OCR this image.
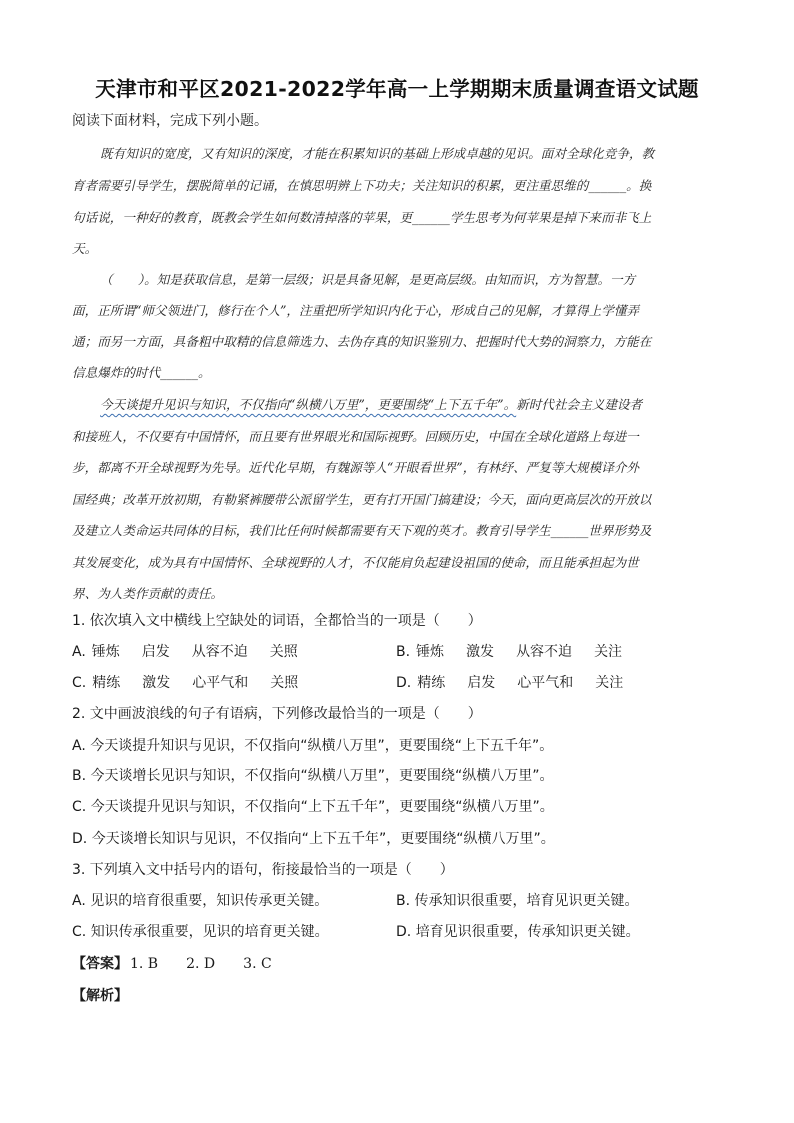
天津市和平区2021-2022学年高一上学期期末质量调查语文试题
阅读下面材料，完成下列小题。
既有知识的宽度，又有知识的深度，才能在积累知识的基础上形成卓越的见识。面对全球化竞争，教
育者需要引导学生，摆脱简单的记诵，在慎思明辨上下功夫；关注知识的积累，更注重思维的______。换
句话说，一种好的教育，既教会学生如何数清掉落的苹果，更______学生思考为何苹果是掉下来而非飞上
天。
（　　）。知是获取信息，是第一层级；识是具备见解，是更高层级。由知而识，方为智慧。一方
面，正所谓“师父领进门，修行在个人”，注重把所学知识内化于心，形成自己的见解，才算得上学懂弄
通；而另一方面，具备粗中取精的信息筛选力、去伪存真的知识鉴别力、把握时代大势的洞察力，方能在
信息爆炸的时代______。
今天谈提升见识与知识，不仅指向“纵横八万里”，更要围绕“上下五千年”。新时代社会主义建设者
和接班人，不仅要有中国情怀，而且要有世界眼光和国际视野。回顾历史，中国在全球化道路上每进一
步，都离不开全球视野为先导。近代化早期，有魏源等人“开眼看世界”，有林纾、严复等大规模译介外
国经典；改革开放初期，有勒紧裤腰带公派留学生，更有打开国门搞建设；今天，面向更高层次的开放以
及建立人类命运共同体的目标，我们比任何时候都需要有天下观的英才。教育引导学生______世界形势及
其发展变化，成为具有中国情怀、全球视野的人才，不仅能肩负起建设祖国的使命，而且能承担起为世
界、为人类作贡献的责任。
1. 依次填入文中横线上空缺处的词语，全都恰当的一项是（　　）
A. 锤炼 启发 从容不迫 关照	B. 锤炼 激发 从容不迫 关注
C. 精练 激发 心平气和 关照	D. 精练 启发 心平气和 关注
2. 文中画波浪线的句子有语病，下列修改最恰当的一项是（　　）
A. 今天谈提升知识与见识，不仅指向“纵横八万里”，更要围绕“上下五千年”。
B. 今天谈增长见识与知识，不仅指向“纵横八万里”，更要围绕“纵横八万里”。
C. 今天谈提升见识与知识，不仅指向“上下五千年”，更要围绕“纵横八万里”。
D. 今天谈增长知识与见识，不仅指向“上下五千年”，更要围绕“纵横八万里”。
3. 下列填入文中括号内的语句，衔接最恰当的一项是（　　）
A. 见识的培育很重要，知识传承更关键。	B. 传承知识很重要，培育见识更关键。
C. 知识传承很重要，见识的培育更关键。	D. 培育见识很重要，传承知识更关键。
【答案】 1. B 2. D 3. C
【解析】
